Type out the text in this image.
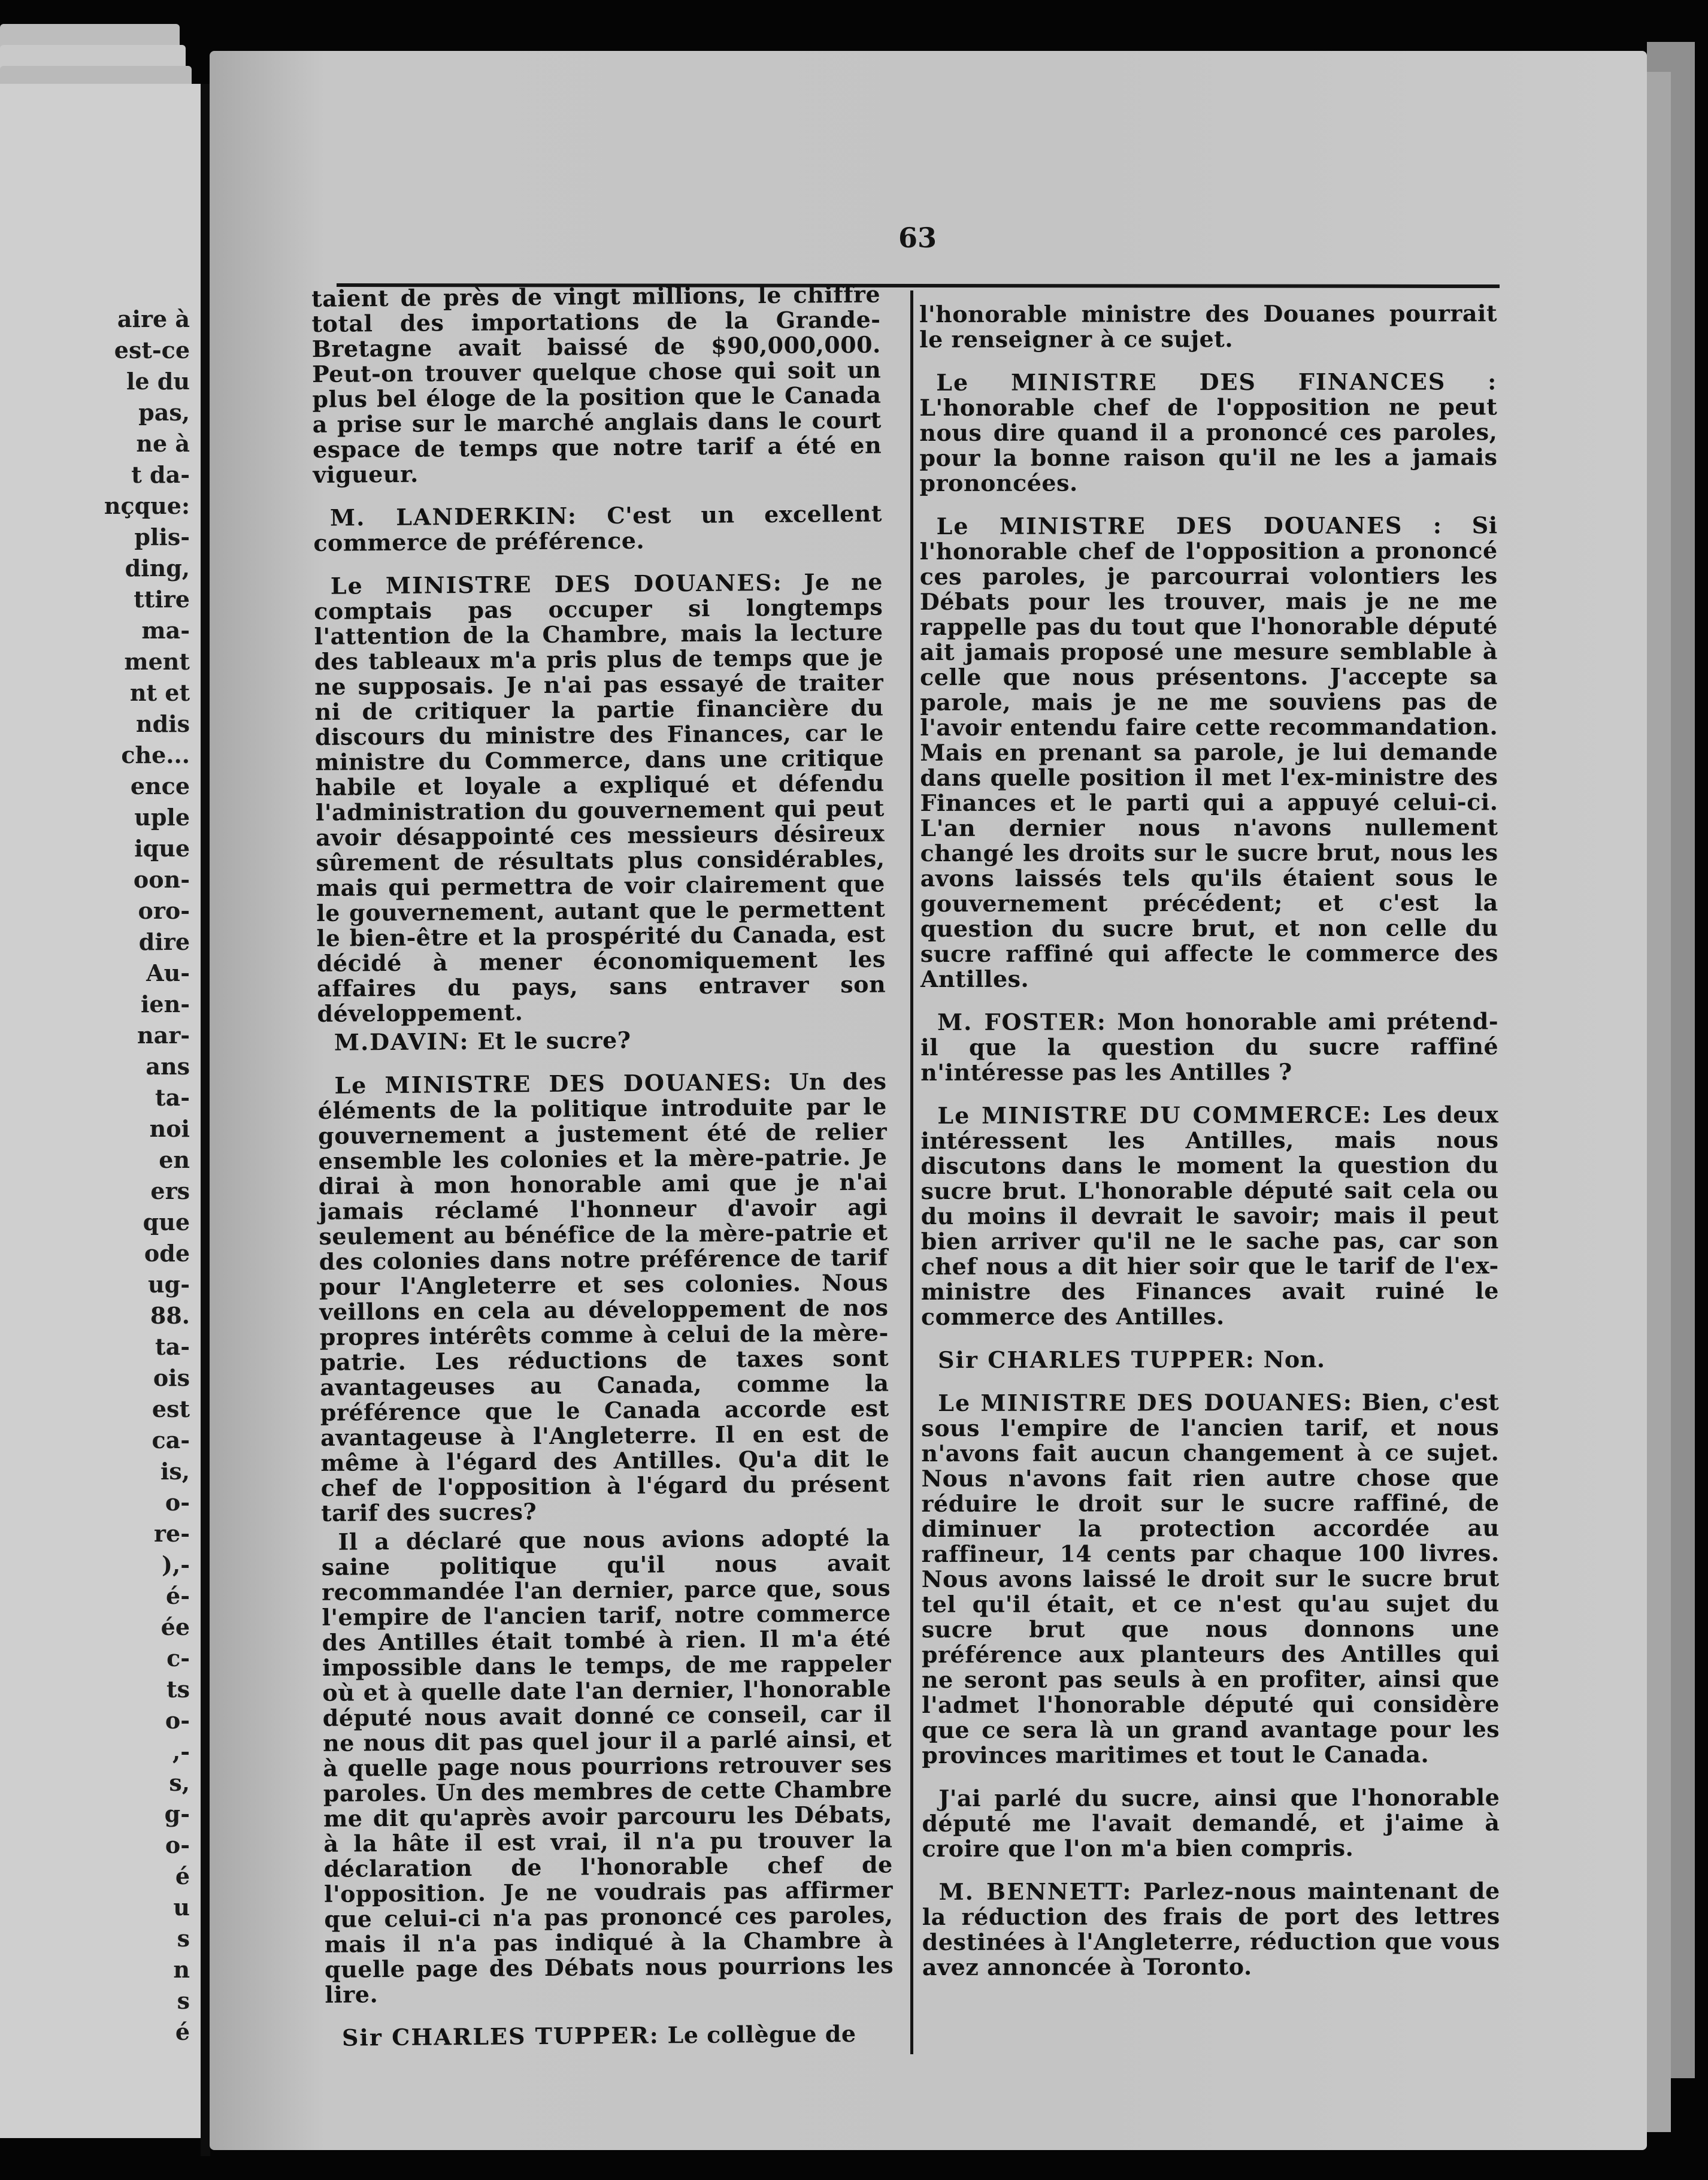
aire à
est-ce
le du
pas,
ne à
t da-
nçque:
plis-
ding,
ttire
ma-
ment
nt et
ndis
che...
ence
uple
ique
oon-
oro-
dire
Au-
ien-
nar-
ans
ta-
noi
en
ers
que
ode
ug-
88.
ta-
ois
est
ca-
is,
o-
re-
),-
é-
ée
c-
ts
o-
,-
s,
g-
o-
é
u
s
n
s
é
63

taient de près de vingt millions, le chiffre total des importations de la Grande-Bretagne avait baissé de $90,000,000. Peut-on trouver quelque chose qui soit un plus bel éloge de la position que le Canada a prise sur le marché anglais dans le court espace de temps que notre tarif a été en vigueur.

M. LANDERKIN: C'est un excellent commerce de préférence.

Le MINISTRE DES DOUANES: Je ne comptais pas occuper si longtemps l'attention de la Chambre, mais la lecture des tableaux m'a pris plus de temps que je ne supposais. Je n'ai pas essayé de traiter ni de critiquer la partie financière du discours du ministre des Finances, car le ministre du Commerce, dans une critique habile et loyale a expliqué et défendu l'administration du gouvernement qui peut avoir désappointé ces messieurs désireux sûrement de résultats plus considérables, mais qui permettra de voir clairement que le gouvernement, autant que le permettent le bien-être et la prospérité du Canada, est décidé à mener économiquement les affaires du pays, sans entraver son développement.

M.DAVIN: Et le sucre?

Le MINISTRE DES DOUANES: Un des éléments de la politique introduite par le gouvernement a justement été de relier ensemble les colonies et la mère-patrie. Je dirai à mon honorable ami que je n'ai jamais réclamé l'honneur d'avoir agi seulement au bénéfice de la mère-patrie et des colonies dans notre préférence de tarif pour l'Angleterre et ses colonies. Nous veillons en cela au développement de nos propres intérêts comme à celui de la mère-patrie. Les réductions de taxes sont avantageuses au Canada, comme la préférence que le Canada accorde est avantageuse à l'Angleterre. Il en est de même à l'égard des Antilles. Qu'a dit le chef de l'opposition à l'égard du présent tarif des sucres?

Il a déclaré que nous avions adopté la saine politique qu'il nous avait recommandée l'an dernier, parce que, sous l'empire de l'ancien tarif, notre commerce des Antilles était tombé à rien. Il m'a été impossible dans le temps, de me rappeler où et à quelle date l'an dernier, l'honorable député nous avait donné ce conseil, car il ne nous dit pas quel jour il a parlé ainsi, et à quelle page nous pourrions retrouver ses paroles. Un des membres de cette Chambre me dit qu'après avoir parcouru les Débats, à la hâte il est vrai, il n'a pu trouver la déclaration de l'honorable chef de l'opposition. Je ne voudrais pas affirmer que celui-ci n'a pas prononcé ces paroles, mais il n'a pas indiqué à la Chambre à quelle page des Débats nous pourrions les lire.

Sir CHARLES TUPPER: Le collègue de

l'honorable ministre des Douanes pourrait le renseigner à ce sujet.

Le MINISTRE DES FINANCES : L'honorable chef de l'opposition ne peut nous dire quand il a prononcé ces paroles, pour la bonne raison qu'il ne les a jamais prononcées.

Le MINISTRE DES DOUANES : Si l'honorable chef de l'opposition a prononcé ces paroles, je parcourrai volontiers les Débats pour les trouver, mais je ne me rappelle pas du tout que l'honorable député ait jamais proposé une mesure semblable à celle que nous présentons. J'accepte sa parole, mais je ne me souviens pas de l'avoir entendu faire cette recommandation. Mais en prenant sa parole, je lui demande dans quelle position il met l'ex-ministre des Finances et le parti qui a appuyé celui-ci. L'an dernier nous n'avons nullement changé les droits sur le sucre brut, nous les avons laissés tels qu'ils étaient sous le gouvernement précédent; et c'est la question du sucre brut, et non celle du sucre raffiné qui affecte le commerce des Antilles.

M. FOSTER: Mon honorable ami prétend-il que la question du sucre raffiné n'intéresse pas les Antilles ?

Le MINISTRE DU COMMERCE: Les deux intéressent les Antilles, mais nous discutons dans le moment la question du sucre brut. L'honorable député sait cela ou du moins il devrait le savoir; mais il peut bien arriver qu'il ne le sache pas, car son chef nous a dit hier soir que le tarif de l'ex-ministre des Finances avait ruiné le commerce des Antilles.

Sir CHARLES TUPPER: Non.

Le MINISTRE DES DOUANES: Bien, c'est sous l'empire de l'ancien tarif, et nous n'avons fait aucun changement à ce sujet. Nous n'avons fait rien autre chose que réduire le droit sur le sucre raffiné, de diminuer la protection accordée au raffineur, 14 cents par chaque 100 livres. Nous avons laissé le droit sur le sucre brut tel qu'il était, et ce n'est qu'au sujet du sucre brut que nous donnons une préférence aux planteurs des Antilles qui ne seront pas seuls à en profiter, ainsi que l'admet l'honorable député qui considère que ce sera là un grand avantage pour les provinces maritimes et tout le Canada.

J'ai parlé du sucre, ainsi que l'honorable député me l'avait demandé, et j'aime à croire que l'on m'a bien compris.

M. BENNETT: Parlez-nous maintenant de la réduction des frais de port des lettres destinées à l'Angleterre, réduction que vous avez annoncée à Toronto.
